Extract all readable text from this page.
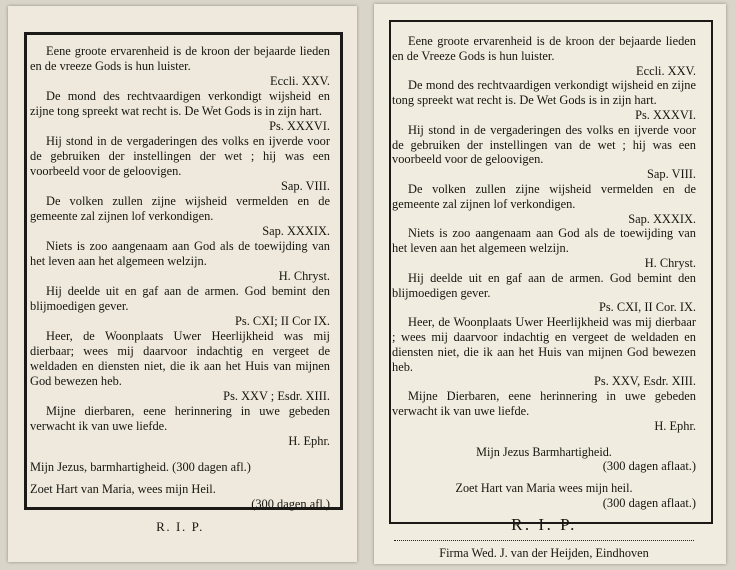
Eene groote ervarenheid is de kroon der bejaarde lieden en de vreeze Gods is hun luister.

Eccli. XXV.

De mond des rechtvaardigen verkondigt wijsheid en zijne tong spreekt wat recht is. De Wet Gods is in zijn hart.

Ps. XXXVI.

Hij stond in de vergaderingen des volks en ijverde voor de gebruiken der instellingen der wet ; hij was een voorbeeld voor de geloovigen.

Sap. VIII.

De volken zullen zijne wijsheid vermelden en de gemeente zal zijnen lof verkondigen.

Sap. XXXIX.

Niets is zoo aangenaam aan God als de toewijding van het leven aan het algemeen welzijn.

H. Chryst.

Hij deelde uit en gaf aan de armen. God bemint den blijmoedigen gever.

Ps. CXI; II Cor IX.

Heer, de Woonplaats Uwer Heerlijkheid was mij dierbaar; wees mij daarvoor indachtig en vergeet de weldaden en diensten niet, die ik aan het Huis van mijnen God bewezen heb.

Ps. XXV ; Esdr. XIII.

Mijne dierbaren, eene herinnering in uwe gebeden verwacht ik van uwe liefde.

H. Ephr.

Mijn Jezus, barmhartigheid. (300 dagen afl.)

Zoet Hart van Maria, wees mijn Heil.

(300 dagen afl.)

R. I. P.

Eene groote ervarenheid is de kroon der bejaarde lieden en de Vreeze Gods is hun luister.

Eccli. XXV.

De mond des rechtvaardigen verkondigt wijsheid en zijne tong spreekt wat recht is. De Wet Gods is in zijn hart.

Ps. XXXVI.

Hij stond in de vergaderingen des volks en ijverde voor de gebruiken der instellingen van de wet ; hij was een voorbeeld voor de geloovigen.

Sap. VIII.

De volken zullen zijne wijsheid vermelden en de gemeente zal zijnen lof verkondigen.

Sap. XXXIX.

Niets is zoo aangenaam aan God als de toewijding van het leven aan het algemeen welzijn.

H. Chryst.

Hij deelde uit en gaf aan de armen. God bemint den blijmoedigen gever.

Ps. CXI, II Cor. IX.

Heer, de Woonplaats Uwer Heerlijkheid was mij dierbaar ; wees mij daarvoor indachtig en vergeet de weldaden en diensten niet, die ik aan het Huis van mijnen God bewezen heb.

Ps. XXV, Esdr. XIII.

Mijne Dierbaren, eene herinnering in uwe gebeden verwacht ik van uwe liefde.

H. Ephr.

Mijn Jezus Barmhartigheid.

(300 dagen aflaat.)

Zoet Hart van Maria wees mijn heil.

(300 dagen aflaat.)

R. I. P.

Firma Wed. J. van der Heijden, Eindhoven
